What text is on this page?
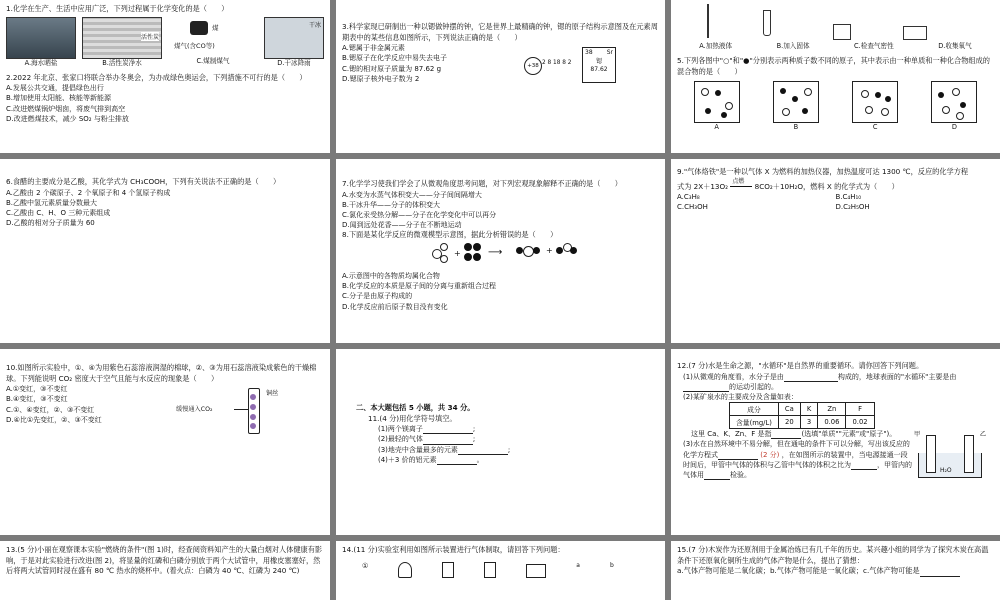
1.化学在生产、生活中应用广泛，下列过程属于化学变化的是（　　）

A.海水晒盐
活性炭
B.活性炭净水
煤
煤气(含CO等)
C.煤制煤气
干冰
D.干冰降雨

2.2022 年北京、张家口将联合举办冬奥会，为办成绿色奥运会，下列措施不可行的是（　　）

A.发展公共交通，提倡绿色出行

B.增加使用太阳能、核能等新能源

C.改进燃煤锅炉烟囱，将废气排到高空

D.改进燃煤技术，减少 SO₂ 与粉尘排放

3.科学家现已研制出一种以锶做钟摆的钟，它是世界上最精确的钟，锶的原子结构示意图及在元素周期表中的某些信息如图所示，下列说法正确的是（　　）

A.锶属于非金属元素

B.锶原子在化学反应中易失去电子

C.锶的相对原子质量为 87.62 g

D.锶原子核外电子数为 2

+38 2 8 18 8 2
38 Sr
锶
87.62
A.加热液体	B.加入固体	C.检查气密性	D.收集氧气

5.下列各图中"○"和"●"分别表示两种质子数不同的原子，其中表示由一种单质和一种化合物组成的混合物的是（　　）

A	B	C	D

6.食醋的主要成分是乙酸，其化学式为 CH₃COOH，下列有关说法不正确的是（　　）

A.乙酸由 2 个碳原子、2 个氧原子和 4 个氢原子构成

B.乙酸中氢元素质量分数最大

C.乙酸由 C、H、O 三种元素组成

D.乙酸的相对分子质量为 60

7.化学学习使我们学会了从微观角度思考问题，对下列宏观现象解释不正确的是（　　）

A.水变为水蒸气体积变大——分子间间隔增大

B.干冰升华——分子的体积变大

C.氯化汞受热分解——分子在化学变化中可以再分

D.闻到远处花香——分子在不断地运动

8.下面是某化学反应的微观模型示意图，据此分析错误的是（　　）

+	⟶	+

A.示意图中的各物质均属化合物

B.化学反应的本质是原子间的分离与重新组合过程

C.分子是由原子构成的

D.化学反应前后原子数目没有变化

9."气体烙铁"是一种以气体 X 为燃料的加热仪器，加热温度可达 1300 ℃，反应的化学方程

式为 2X＋13O₂ 点燃 8CO₂＋10H₂O，燃料 X 的化学式为（　　）

A.C₃H₈	B.C₄H₁₀

C.CH₃OH	D.C₂H₅OH

10.如图所示实验中，①、④为用紫色石蕊溶液润湿的棉球，②、③为用石蕊溶液染成紫色的干燥棉球。下列能说明 CO₂ 密度大于空气且能与水反应的现象是（　　）

A.①变红，③不变红

B.④变红，③不变红

C.①、④变红，②、③不变红

D.④比①先变红，②、③不变红

缓慢通入CO₂
铜丝

二、本大题包括 5 小题，共 34 分。

11.(4 分)用化学符号填空。

(1)两个镁离子	;

(2)最轻的气体	;

(3)地壳中含量最多的元素	;

(4)＋3 价的铝元素	。

12.(7 分)水是生命之源，"水循环"是自然界的重要循环。请你回答下列问题。

(1)从微观的角度看，水分子是由	构成的，地球表面的"水循环"主要是由的运动引起的。

(2)某矿泉水的主要成分及含量如表：

成分	Ca	K	Zn	F
含量(mg/L)	20	3	0.06	0.02

这里 Ca、K、Zn、F 是指	(选填"单质""元素"或"原子")。

(3)水在自然环境中不易分解，但在通电的条件下可以分解，写出该反应的化学方程式	(2 分) ，在如图所示的装置中，当电源接通一段时间后，甲管中气体的体积与乙管中气体的体积之比为	，甲管内的气体用	检验。

甲	乙
H₂O

13.(5 分)小丽在观察课本实验"燃烧的条件"(图 1)时，经查阅资料知产生的大量白烟对人体健康有影响，于是对此实验进行改进(图 2)，将显量的红磷和白磷分别放于两个大试管中，用橡皮塞塞好，然后将两大试管同时浸在盛有 80 ℃ 热水的烧杯中。(着火点：白磷为 40 ℃、红磷为 240 ℃)

14.(11 分)实验室利用如图所示装置进行气体制取，请回答下列问题：

①	a	b

15.(7 分)木炭作为还原剂用于金属冶炼已有几千年的历史。某兴趣小组的同学为了探究木炭在高温条件下还原氧化铜所生成的气体产物是什么，提出了猜想：

a.气体产物可能是二氧化碳；b.气体产物可能是一氧化碳；c.气体产物可能是
